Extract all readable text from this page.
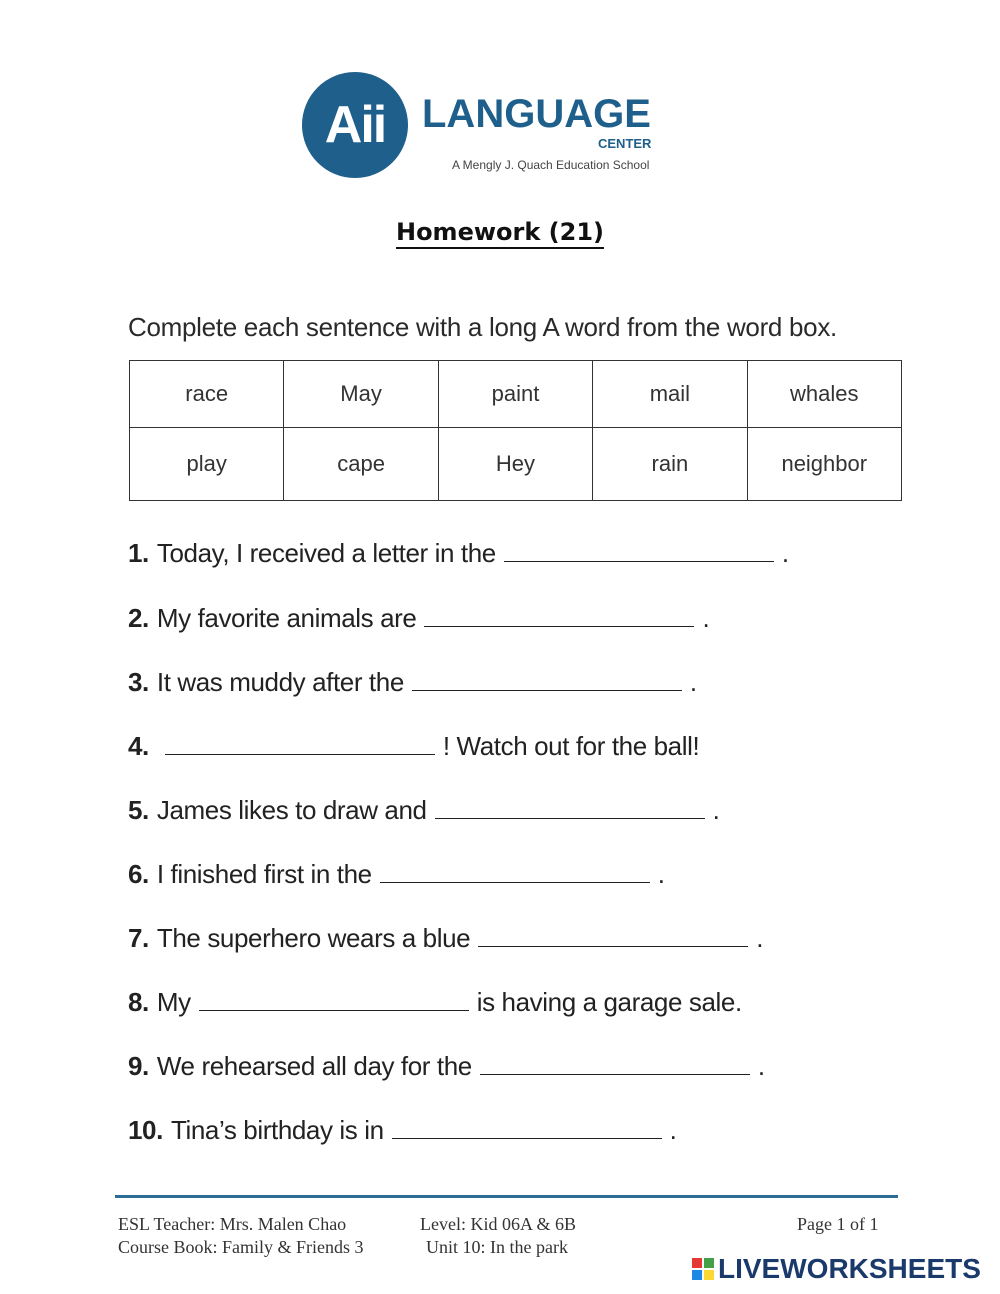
Aii LANGUAGE
CENTER
A Mengly J. Quach Education School
Homework (21)
Complete each sentence with a long A word from the word box.
race	May	paint	mail	whales
play	cape	Hey	rain	neighbor
1. Today, I received a letter in the	.
2. My favorite animals are	.
3. It was muddy after the	.
4.	! Watch out for the ball!
5. James likes to draw and	.
6. I finished first in the	.
7. The superhero wears a blue	.
8. My	is having a garage sale.
9. We rehearsed all day for the	.
10. Tina’s birthday is in	.
ESL Teacher: Mrs. Malen Chao
Course Book: Family & Friends 3
Level: Kid 06A & 6B
Unit 10: In the park
Page 1 of 1
LIVEWORKSHEETS
